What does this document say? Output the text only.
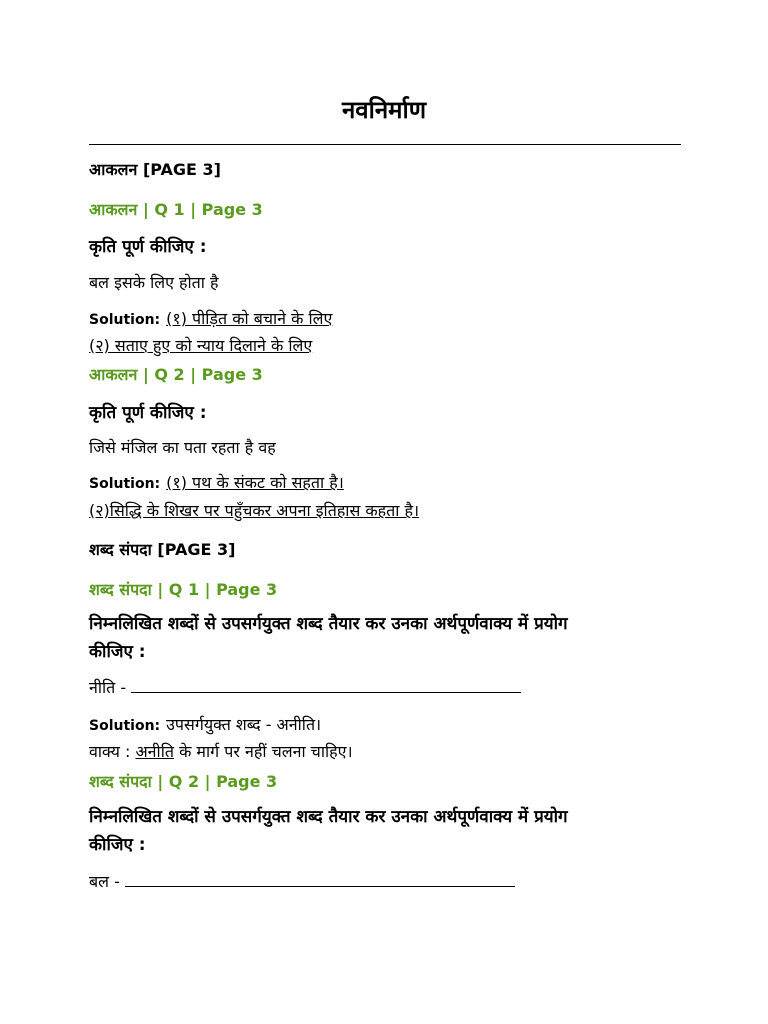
नवनिर्माण
आकलन [PAGE 3]
आकलन | Q 1 | Page 3
कृति पूर्ण कीजिए :
बल इसके लिए होता है
Solution: (१) पीड़ित को बचाने के लिए
(२) सताए हुए को न्याय दिलाने के लिए
आकलन | Q 2 | Page 3
कृति पूर्ण कीजिए :
जिसे मंजिल का पता रहता है वह
Solution: (१) पथ के संकट को सहता है।
(२)सिद्धि के शिखर पर पहुँचकर अपना इतिहास कहता है।
शब्द संपदा [PAGE 3]
शब्द संपदा | Q 1 | Page 3
निम्नलिखित शब्दों से उपसर्गयुक्त शब्द तैयार कर उनका अर्थपूर्णवाक्य में प्रयोग
कीजिए :
नीति -
Solution: उपसर्गयुक्त शब्द - अनीति।
वाक्य : अनीति के मार्ग पर नहीं चलना चाहिए।
शब्द संपदा | Q 2 | Page 3
निम्नलिखित शब्दों से उपसर्गयुक्त शब्द तैयार कर उनका अर्थपूर्णवाक्य में प्रयोग
कीजिए :
बल -
